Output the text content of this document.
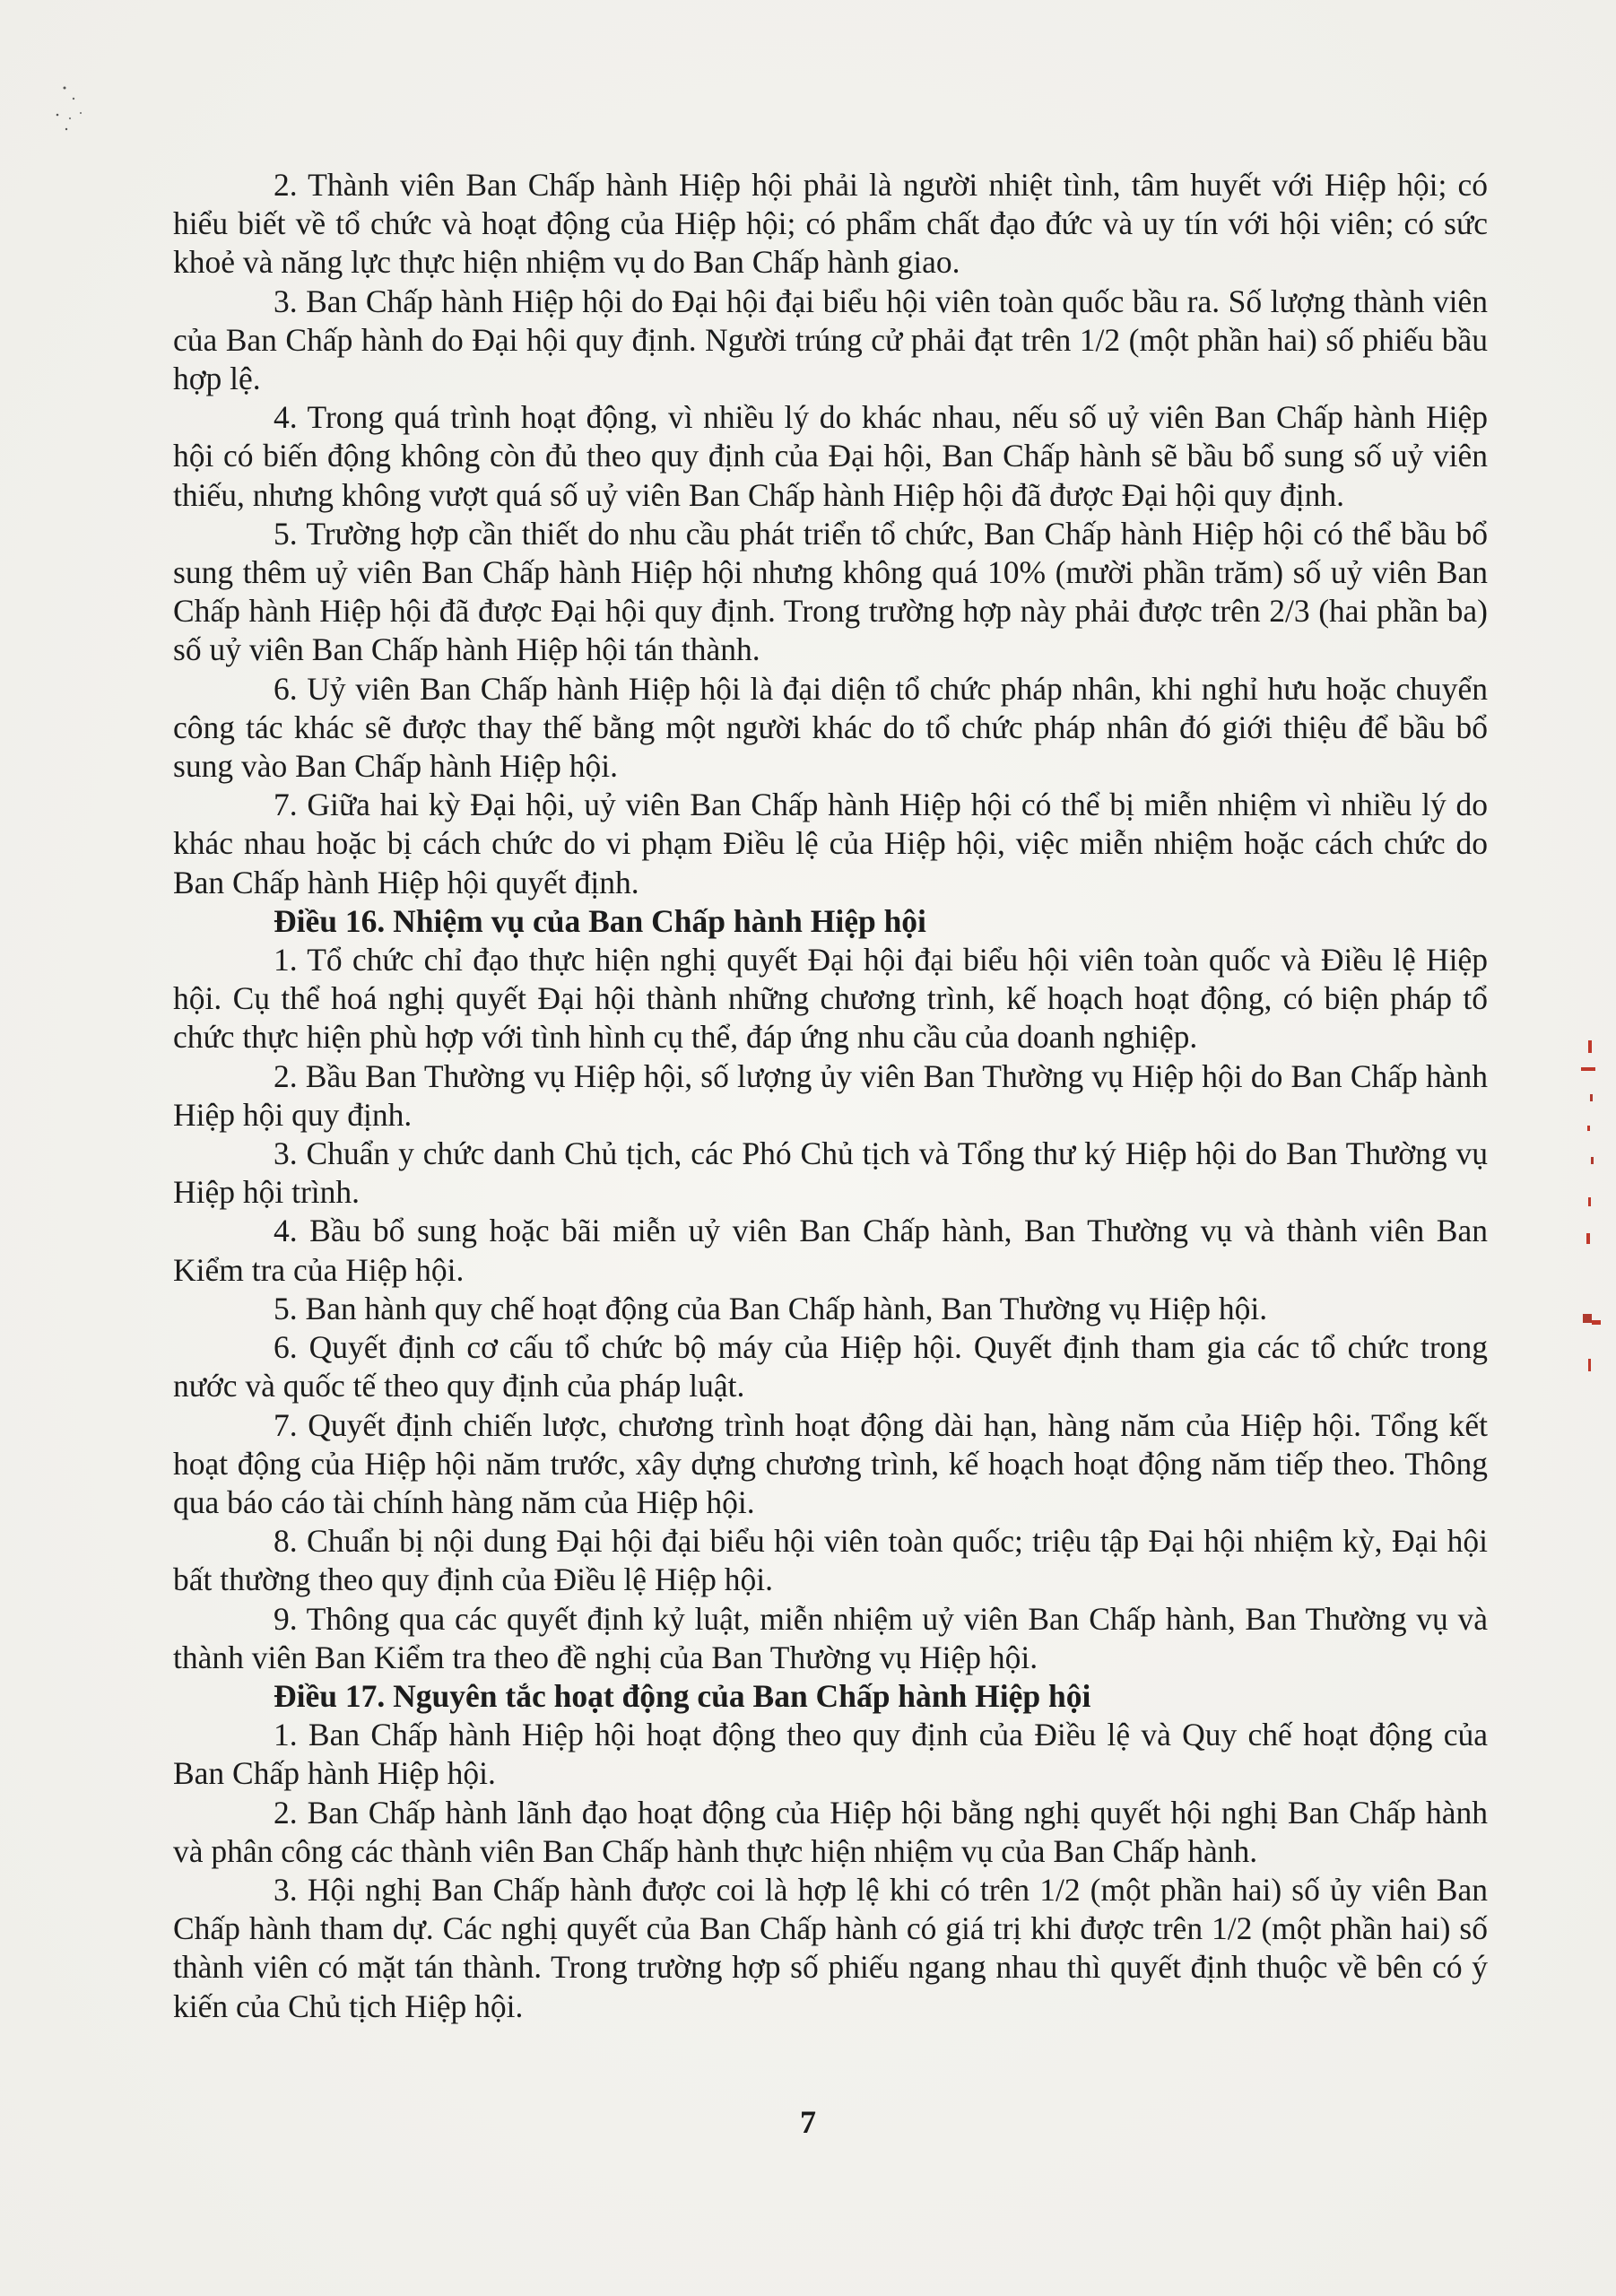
2. Thành viên Ban Chấp hành Hiệp hội phải là người nhiệt tình, tâm huyết với Hiệp hội; có hiểu biết về tổ chức và hoạt động của Hiệp hội; có phẩm chất đạo đức và uy tín với hội viên; có sức khoẻ và năng lực thực hiện nhiệm vụ do Ban Chấp hành giao.

3. Ban Chấp hành Hiệp hội do Đại hội đại biểu hội viên toàn quốc bầu ra. Số lượng thành viên của Ban Chấp hành do Đại hội quy định. Người trúng cử phải đạt trên 1/2 (một phần hai) số phiếu bầu hợp lệ.

4. Trong quá trình hoạt động, vì nhiều lý do khác nhau, nếu số uỷ viên Ban Chấp hành Hiệp hội có biến động không còn đủ theo quy định của Đại hội, Ban Chấp hành sẽ bầu bổ sung số uỷ viên thiếu, nhưng không vượt quá số uỷ viên Ban Chấp hành Hiệp hội đã được Đại hội quy định.

5. Trường hợp cần thiết do nhu cầu phát triển tổ chức, Ban Chấp hành Hiệp hội có thể bầu bổ sung thêm uỷ viên Ban Chấp hành Hiệp hội nhưng không quá 10% (mười phần trăm) số uỷ viên Ban Chấp hành Hiệp hội đã được Đại hội quy định. Trong trường hợp này phải được trên 2/3 (hai phần ba) số uỷ viên Ban Chấp hành Hiệp hội tán thành.

6. Uỷ viên Ban Chấp hành Hiệp hội là đại diện tổ chức pháp nhân, khi nghỉ hưu hoặc chuyển công tác khác sẽ được thay thế bằng một người khác do tổ chức pháp nhân đó giới thiệu để bầu bổ sung vào Ban Chấp hành Hiệp hội.

7. Giữa hai kỳ Đại hội, uỷ viên Ban Chấp hành Hiệp hội có thể bị miễn nhiệm vì nhiều lý do khác nhau hoặc bị cách chức do vi phạm Điều lệ của Hiệp hội, việc miễn nhiệm hoặc cách chức do Ban Chấp hành Hiệp hội quyết định.

Điều 16. Nhiệm vụ của Ban Chấp hành Hiệp hội

1. Tổ chức chỉ đạo thực hiện nghị quyết Đại hội đại biểu hội viên toàn quốc và Điều lệ Hiệp hội. Cụ thể hoá nghị quyết Đại hội thành những chương trình, kế hoạch hoạt động, có biện pháp tổ chức thực hiện phù hợp với tình hình cụ thể, đáp ứng nhu cầu của doanh nghiệp.

2. Bầu Ban Thường vụ Hiệp hội, số lượng ủy viên Ban Thường vụ Hiệp hội do Ban Chấp hành Hiệp hội quy định.

3. Chuẩn y chức danh Chủ tịch, các Phó Chủ tịch và Tổng thư ký Hiệp hội do Ban Thường vụ Hiệp hội trình.

4. Bầu bổ sung hoặc bãi miễn uỷ viên Ban Chấp hành, Ban Thường vụ và thành viên Ban Kiểm tra của Hiệp hội.

5. Ban hành quy chế hoạt động của Ban Chấp hành, Ban Thường vụ Hiệp hội.

6. Quyết định cơ cấu tổ chức bộ máy của Hiệp hội. Quyết định tham gia các tổ chức trong nước và quốc tế theo quy định của pháp luật.

7. Quyết định chiến lược, chương trình hoạt động dài hạn, hàng năm của Hiệp hội. Tổng kết hoạt động của Hiệp hội năm trước, xây dựng chương trình, kế hoạch hoạt động năm tiếp theo. Thông qua báo cáo tài chính hàng năm của Hiệp hội.

8. Chuẩn bị nội dung Đại hội đại biểu hội viên toàn quốc; triệu tập Đại hội nhiệm kỳ, Đại hội bất thường theo quy định của Điều lệ Hiệp hội.

9. Thông qua các quyết định kỷ luật, miễn nhiệm uỷ viên Ban Chấp hành, Ban Thường vụ và thành viên Ban Kiểm tra theo đề nghị của Ban Thường vụ Hiệp hội.

Điều 17. Nguyên tắc hoạt động của Ban Chấp hành Hiệp hội

1. Ban Chấp hành Hiệp hội hoạt động theo quy định của Điều lệ và Quy chế hoạt động của Ban Chấp hành Hiệp hội.

2. Ban Chấp hành lãnh đạo hoạt động của Hiệp hội bằng nghị quyết hội nghị Ban Chấp hành và phân công các thành viên Ban Chấp hành thực hiện nhiệm vụ của Ban Chấp hành.

3. Hội nghị Ban Chấp hành được coi là hợp lệ khi có trên 1/2 (một phần hai) số ủy viên Ban Chấp hành tham dự. Các nghị quyết của Ban Chấp hành có giá trị khi được trên 1/2 (một phần hai) số thành viên có mặt tán thành. Trong trường hợp số phiếu ngang nhau thì quyết định thuộc về bên có ý kiến của Chủ tịch Hiệp hội.

7
